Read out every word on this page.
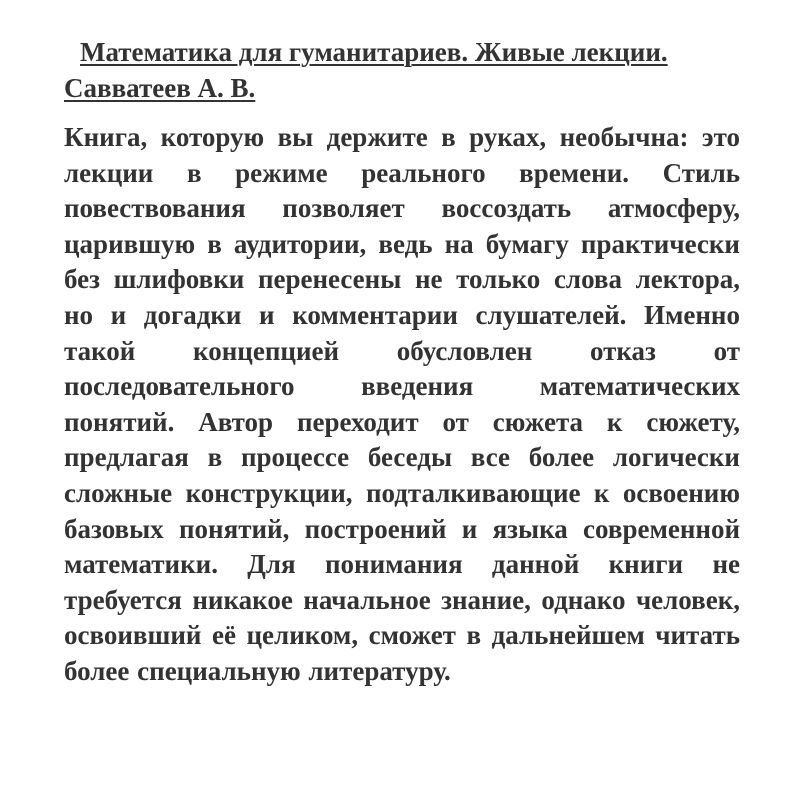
Математика для гуманитариев. Живые лекции. Савватеев А. В.

Книга, которую вы держите в руках, необычна: это лекции в режиме реального времени. Стиль повествования позволяет воссоздать атмосферу, царившую в аудитории, ведь на бумагу практически без шлифовки перенесены не только слова лектора, но и догадки и комментарии слушателей. Именно такой концепцией обусловлен отказ от последовательного введения математических понятий. Автор переходит от сюжета к сюжету, предлагая в процессе беседы все более логически сложные конструкции, подталкивающие к освоению базовых понятий, построений и языка современной математики. Для понимания данной книги не требуется никакое начальное знание, однако человек, освоивший её целиком, сможет в дальнейшем читать более специальную литературу.
